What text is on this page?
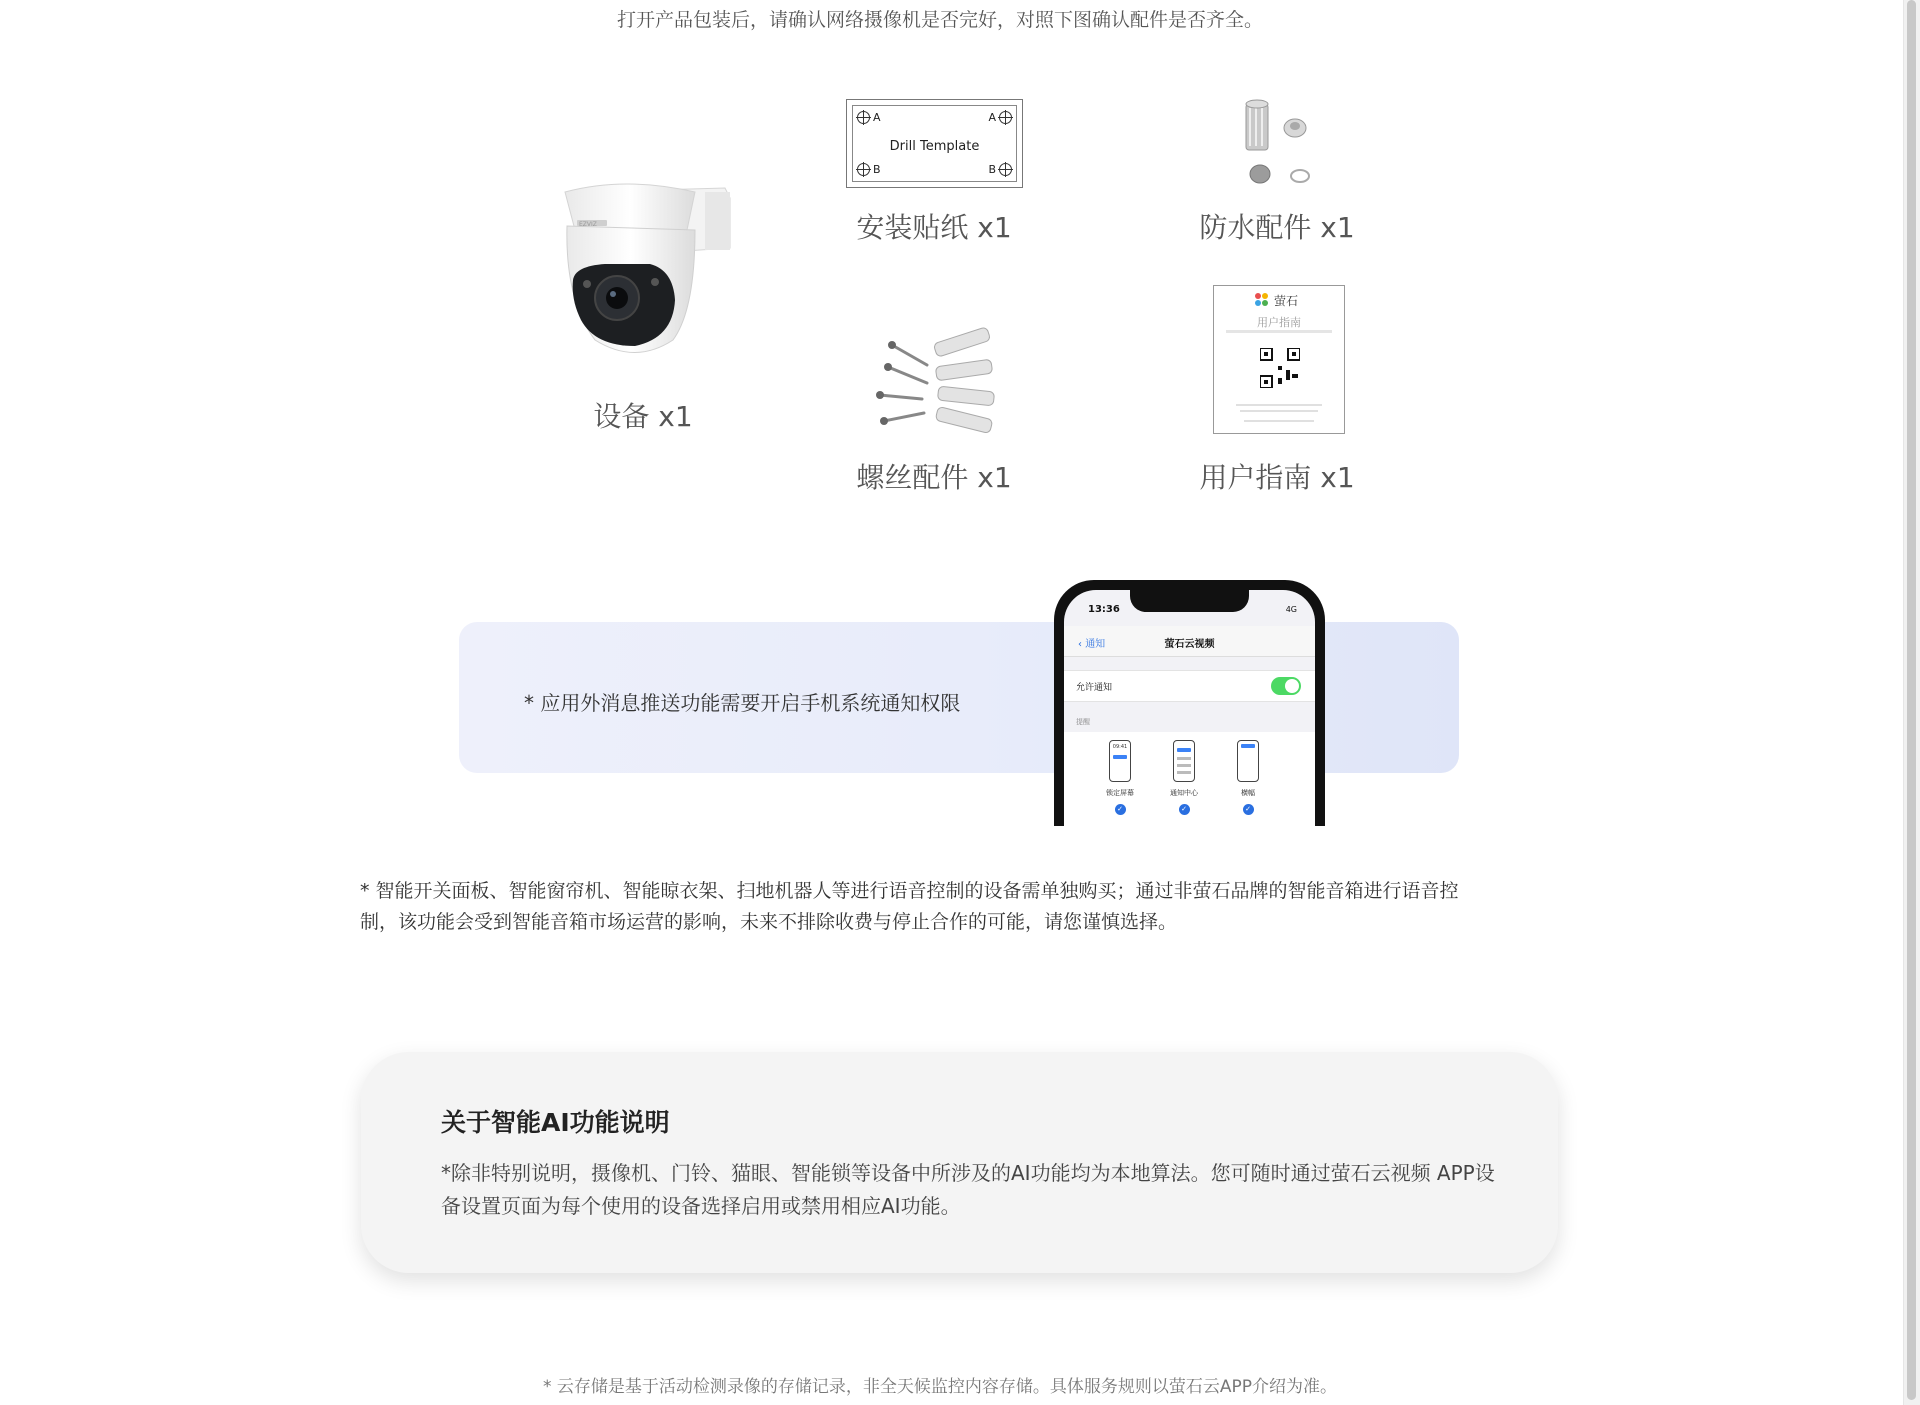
打开产品包装后，请确认网络摄像机是否完好，对照下图确认配件是否齐全。
EZVIZ
设备 x1
A	A
Drill Template
B	B
安装贴纸 x1	防水配件 x1
螺丝配件 x1
萤石
用户指南
用户指南 x1
* 应用外消息推送功能需要开启手机系统通知权限
13:36	4G
‹ 通知	萤石云视频
允许通知
提醒
09:41
锁定屏幕
✓
通知中心
✓
横幅
✓
* 智能开关面板、智能窗帘机、智能晾衣架、扫地机器人等进行语音控制的设备需单独购买；通过非萤石品牌的智能音箱进行语音控制，该功能会受到智能音箱市场运营的影响，未来不排除收费与停止合作的可能，请您谨慎选择。
关于智能AI功能说明
*除非特别说明，摄像机、门铃、猫眼、智能锁等设备中所涉及的AI功能均为本地算法。您可随时通过萤石云视频 APP设备设置页面为每个使用的设备选择启用或禁用相应AI功能。
* 云存储是基于活动检测录像的存储记录，非全天候监控内容存储。具体服务规则以萤石云APP介绍为准。
